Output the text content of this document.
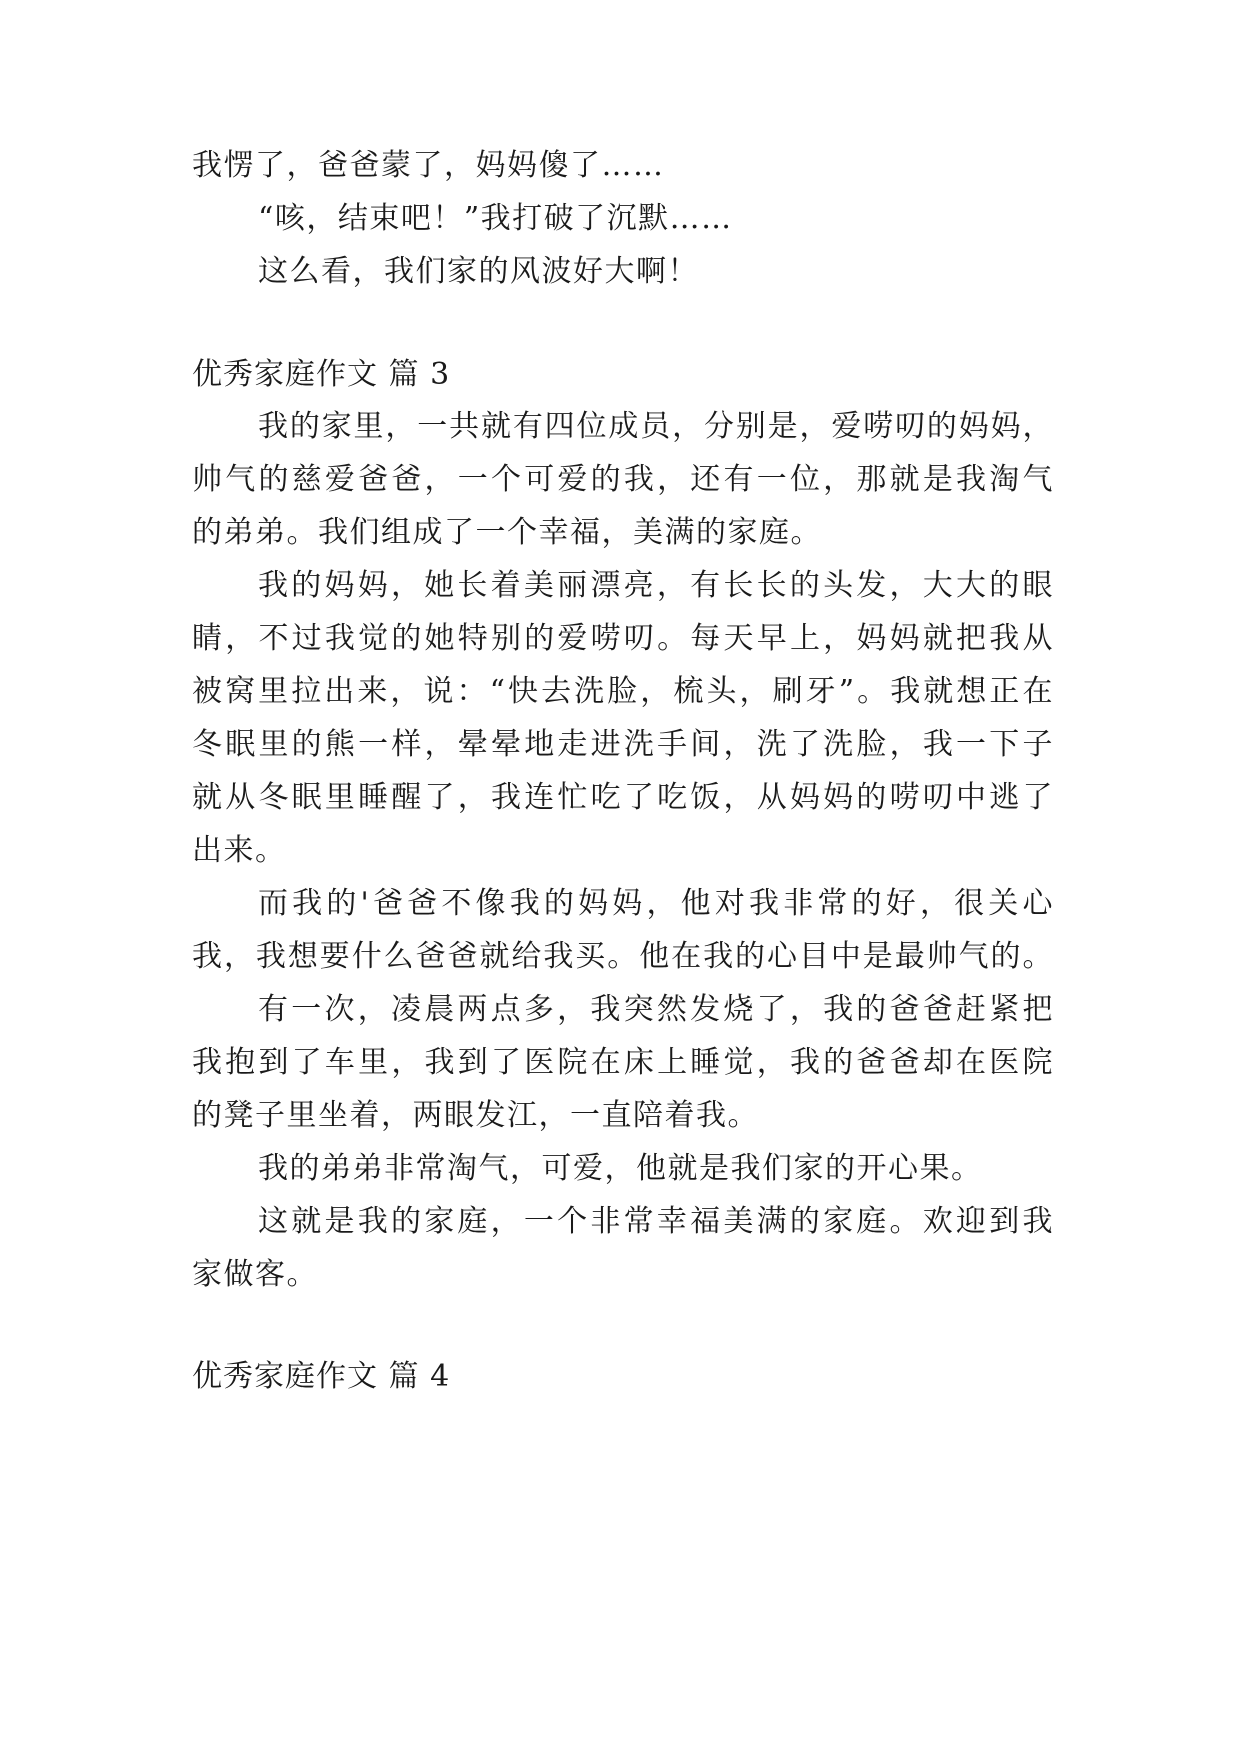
我愣了，爸爸蒙了，妈妈傻了……
“咳，结束吧！”我打破了沉默……
这么看，我们家的风波好大啊！
优秀家庭作文 篇 3
我的家里，一共就有四位成员，分别是，爱唠叨的妈妈，
帅气的慈爱爸爸，一个可爱的我，还有一位，那就是我淘气
的弟弟。我们组成了一个幸福，美满的家庭。
我的妈妈，她长着美丽漂亮，有长长的头发，大大的眼
睛，不过我觉的她特别的爱唠叨。每天早上，妈妈就把我从
被窝里拉出来，说：“快去洗脸，梳头，刷牙”。我就想正在
冬眠里的熊一样，晕晕地走进洗手间，洗了洗脸，我一下子
就从冬眠里睡醒了，我连忙吃了吃饭，从妈妈的唠叨中逃了
出来。
而我的'爸爸不像我的妈妈，他对我非常的好，很关心
我，我想要什么爸爸就给我买。他在我的心目中是最帅气的。
有一次，凌晨两点多，我突然发烧了，我的爸爸赶紧把
我抱到了车里，我到了医院在床上睡觉，我的爸爸却在医院
的凳子里坐着，两眼发江，一直陪着我。
我的弟弟非常淘气，可爱，他就是我们家的开心果。
这就是我的家庭，一个非常幸福美满的家庭。欢迎到我
家做客。
优秀家庭作文 篇 4
